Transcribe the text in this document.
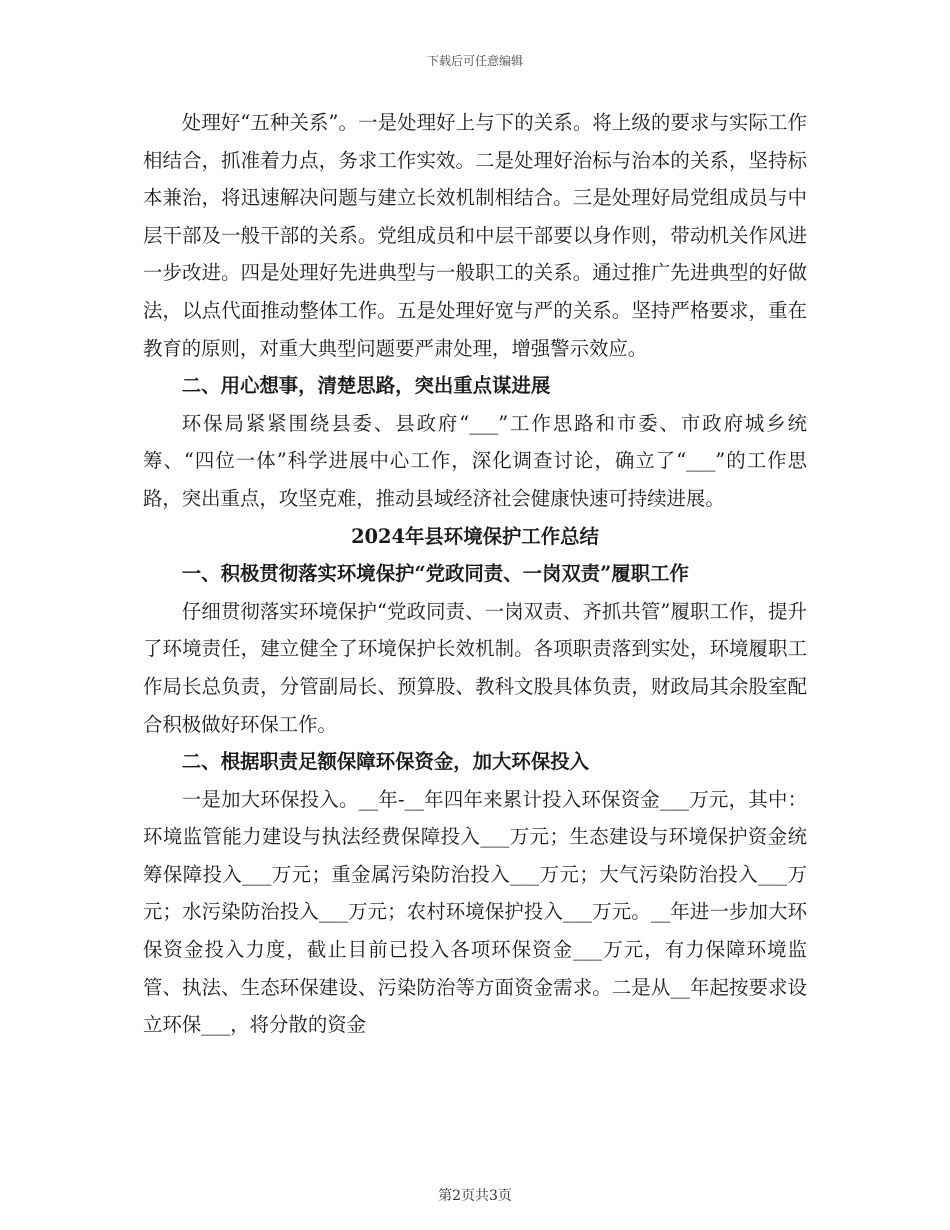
下载后可任意编辑

处理好“五种关系”。一是处理好上与下的关系。将上级的要求与实际工作相结合，抓准着力点，务求工作实效。二是处理好治标与治本的关系，坚持标本兼治，将迅速解决问题与建立长效机制相结合。三是处理好局党组成员与中层干部及一般干部的关系。党组成员和中层干部要以身作则，带动机关作风进一步改进。四是处理好先进典型与一般职工的关系。通过推广先进典型的好做法，以点代面推动整体工作。五是处理好宽与严的关系。坚持严格要求，重在教育的原则，对重大典型问题要严肃处理，增强警示效应。

二、用心想事，清楚思路，突出重点谋进展

环保局紧紧围绕县委、县政府“___”工作思路和市委、市政府城乡统筹、“四位一体”科学进展中心工作，深化调查讨论，确立了“___”的工作思路，突出重点，攻坚克难，推动县域经济社会健康快速可持续进展。

2024年县环境保护工作总结

一、积极贯彻落实环境保护“党政同责、一岗双责”履职工作

仔细贯彻落实环境保护“党政同责、一岗双责、齐抓共管”履职工作，提升了环境责任，建立健全了环境保护长效机制。各项职责落到实处，环境履职工作局长总负责，分管副局长、预算股、教科文股具体负责，财政局其余股室配合积极做好环保工作。

二、根据职责足额保障环保资金，加大环保投入

一是加大环保投入。__年-__年四年来累计投入环保资金___万元，其中：环境监管能力建设与执法经费保障投入___万元；生态建设与环境保护资金统筹保障投入___万元；重金属污染防治投入___万元；大气污染防治投入___万元；水污染防治投入___万元；农村环境保护投入___万元。__年进一步加大环保资金投入力度，截止目前已投入各项环保资金___万元，有力保障环境监管、执法、生态环保建设、污染防治等方面资金需求。二是从__年起按要求设立环保___，将分散的资金

第2页共3页
